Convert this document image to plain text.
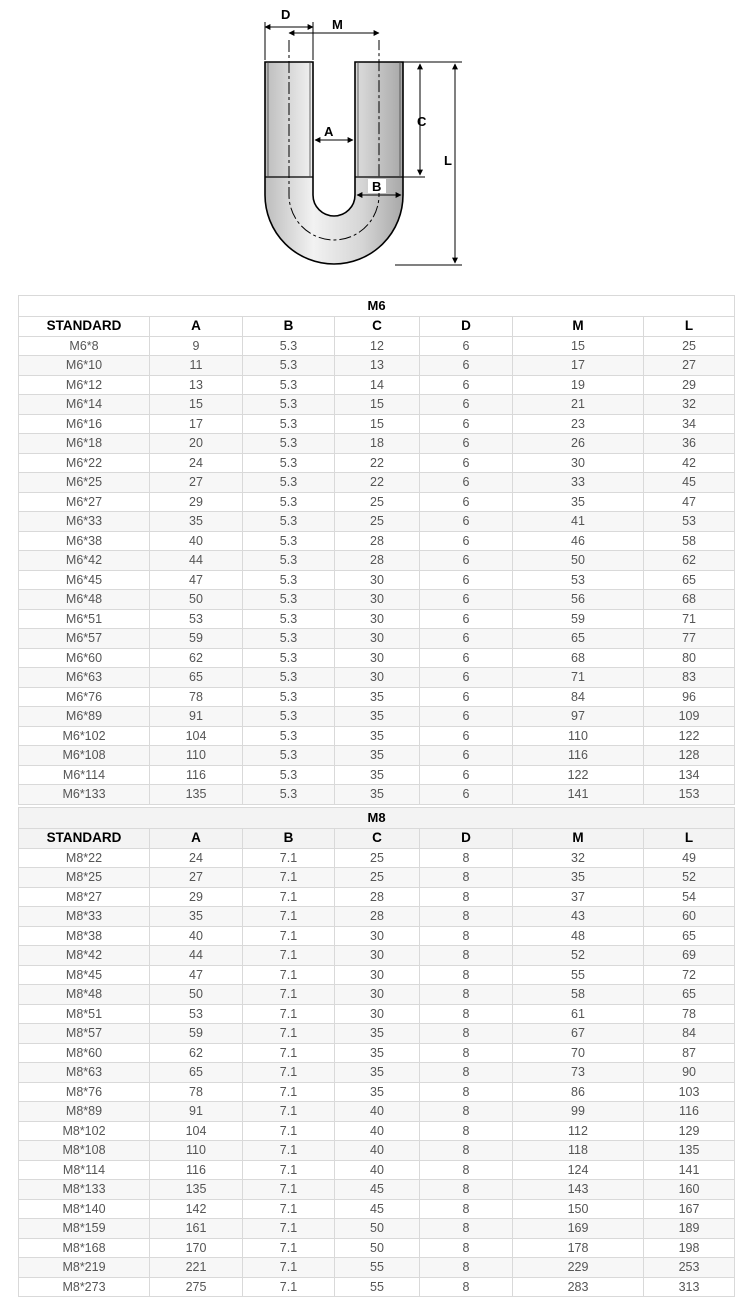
D
M
A
B
C
L
M6						
STANDARD	A	B	C	D	M	L
M6*8	9	5.3	12	6	15	25
M6*10	11	5.3	13	6	17	27
M6*12	13	5.3	14	6	19	29
M6*14	15	5.3	15	6	21	32
M6*16	17	5.3	15	6	23	34
M6*18	20	5.3	18	6	26	36
M6*22	24	5.3	22	6	30	42
M6*25	27	5.3	22	6	33	45
M6*27	29	5.3	25	6	35	47
M6*33	35	5.3	25	6	41	53
M6*38	40	5.3	28	6	46	58
M6*42	44	5.3	28	6	50	62
M6*45	47	5.3	30	6	53	65
M6*48	50	5.3	30	6	56	68
M6*51	53	5.3	30	6	59	71
M6*57	59	5.3	30	6	65	77
M6*60	62	5.3	30	6	68	80
M6*63	65	5.3	30	6	71	83
M6*76	78	5.3	35	6	84	96
M6*89	91	5.3	35	6	97	109
M6*102	104	5.3	35	6	110	122
M6*108	110	5.3	35	6	116	128
M6*114	116	5.3	35	6	122	134
M6*133	135	5.3	35	6	141	153
M8						
STANDARD	A	B	C	D	M	L
M8*22	24	7.1	25	8	32	49
M8*25	27	7.1	25	8	35	52
M8*27	29	7.1	28	8	37	54
M8*33	35	7.1	28	8	43	60
M8*38	40	7.1	30	8	48	65
M8*42	44	7.1	30	8	52	69
M8*45	47	7.1	30	8	55	72
M8*48	50	7.1	30	8	58	65
M8*51	53	7.1	30	8	61	78
M8*57	59	7.1	35	8	67	84
M8*60	62	7.1	35	8	70	87
M8*63	65	7.1	35	8	73	90
M8*76	78	7.1	35	8	86	103
M8*89	91	7.1	40	8	99	116
M8*102	104	7.1	40	8	112	129
M8*108	110	7.1	40	8	118	135
M8*114	116	7.1	40	8	124	141
M8*133	135	7.1	45	8	143	160
M8*140	142	7.1	45	8	150	167
M8*159	161	7.1	50	8	169	189
M8*168	170	7.1	50	8	178	198
M8*219	221	7.1	55	8	229	253
M8*273	275	7.1	55	8	283	313
